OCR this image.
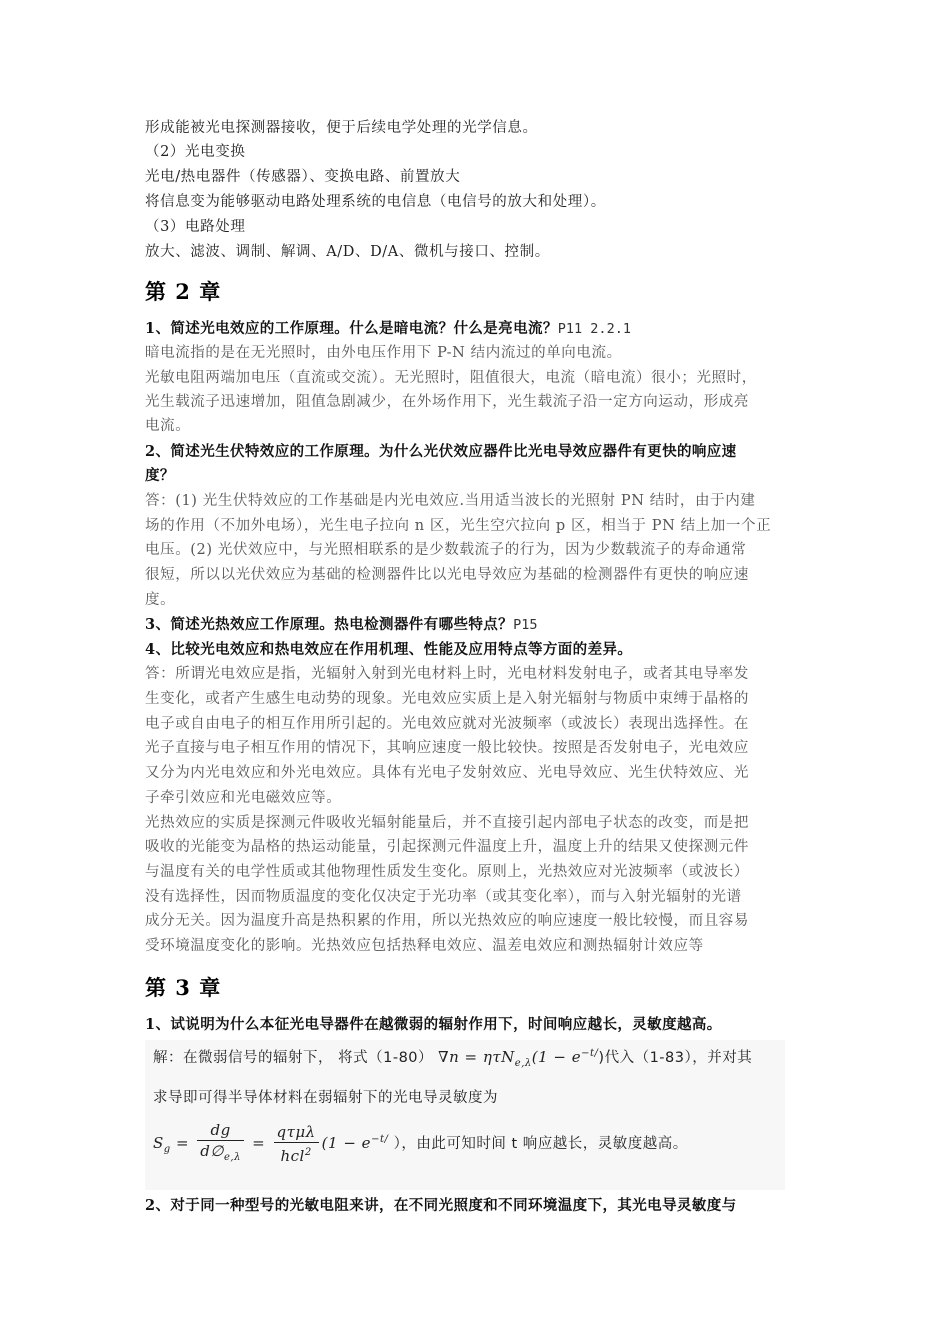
形成能被光电探测器接收，便于后续电学处理的光学信息。
（2）光电变换
光电/热电器件（传感器）、变换电路、前置放大
将信息变为能够驱动电路处理系统的电信息（电信号的放大和处理）。
（3）电路处理
放大、滤波、调制、解调、A/D、D/A、微机与接口、控制。
第 2 章
1、简述光电效应的工作原理。什么是暗电流？什么是亮电流？P11 2.2.1
暗电流指的是在无光照时，由外电压作用下 P-N 结内流过的单向电流。
光敏电阻两端加电压（直流或交流）。无光照时，阻值很大，电流（暗电流）很小；光照时，
光生载流子迅速增加，阻值急剧减少，在外场作用下，光生载流子沿一定方向运动，形成亮
电流。
2、简述光生伏特效应的工作原理。为什么光伏效应器件比光电导效应器件有更快的响应速
度？
答：(1) 光生伏特效应的工作基础是内光电效应.当用适当波长的光照射 PN 结时，由于内建
场的作用（不加外电场），光生电子拉向 n 区，光生空穴拉向 p 区，相当于 PN 结上加一个正
电压。(2) 光伏效应中，与光照相联系的是少数载流子的行为，因为少数载流子的寿命通常
很短，所以以光伏效应为基础的检测器件比以光电导效应为基础的检测器件有更快的响应速
度。
3、简述光热效应工作原理。热电检测器件有哪些特点？P15
4、比较光电效应和热电效应在作用机理、性能及应用特点等方面的差异。
答：所谓光电效应是指，光辐射入射到光电材料上时，光电材料发射电子，或者其电导率发
生变化，或者产生感生电动势的现象。光电效应实质上是入射光辐射与物质中束缚于晶格的
电子或自由电子的相互作用所引起的。光电效应就对光波频率（或波长）表现出选择性。在
光子直接与电子相互作用的情况下，其响应速度一般比较快。按照是否发射电子，光电效应
又分为内光电效应和外光电效应。具体有光电子发射效应、光电导效应、光生伏特效应、光
子牵引效应和光电磁效应等。
光热效应的实质是探测元件吸收光辐射能量后，并不直接引起内部电子状态的改变，而是把
吸收的光能变为晶格的热运动能量，引起探测元件温度上升，温度上升的结果又使探测元件
与温度有关的电学性质或其他物理性质发生变化。原则上，光热效应对光波频率（或波长）
没有选择性，因而物质温度的变化仅决定于光功率（或其变化率），而与入射光辐射的光谱
成分无关。因为温度升高是热积累的作用，所以光热效应的响应速度一般比较慢，而且容易
受环境温度变化的影响。光热效应包括热释电效应、温差电效应和测热辐射计效应等
第 3 章
1、试说明为什么本征光电导器件在越微弱的辐射作用下，时间响应越长，灵敏度越高。
解：在微弱信号的辐射下， 将式（1-80） $\nabla n = \eta\tau N_{e,\lambda}(1 - e^{-t/})$代入（1-83），并对其
求导即可得半导体材料在弱辐射下的光电导灵敏度为
$S_g = \frac{dg}{d\emptyset_{e,\lambda}} = \frac{\text{qτμλ}}{hcl^2} (1 - e^{-t/}$ ），由此可知时间 t 响应越长，灵敏度越高。
2、对于同一种型号的光敏电阻来讲，在不同光照度和不同环境温度下，其光电导灵敏度与
